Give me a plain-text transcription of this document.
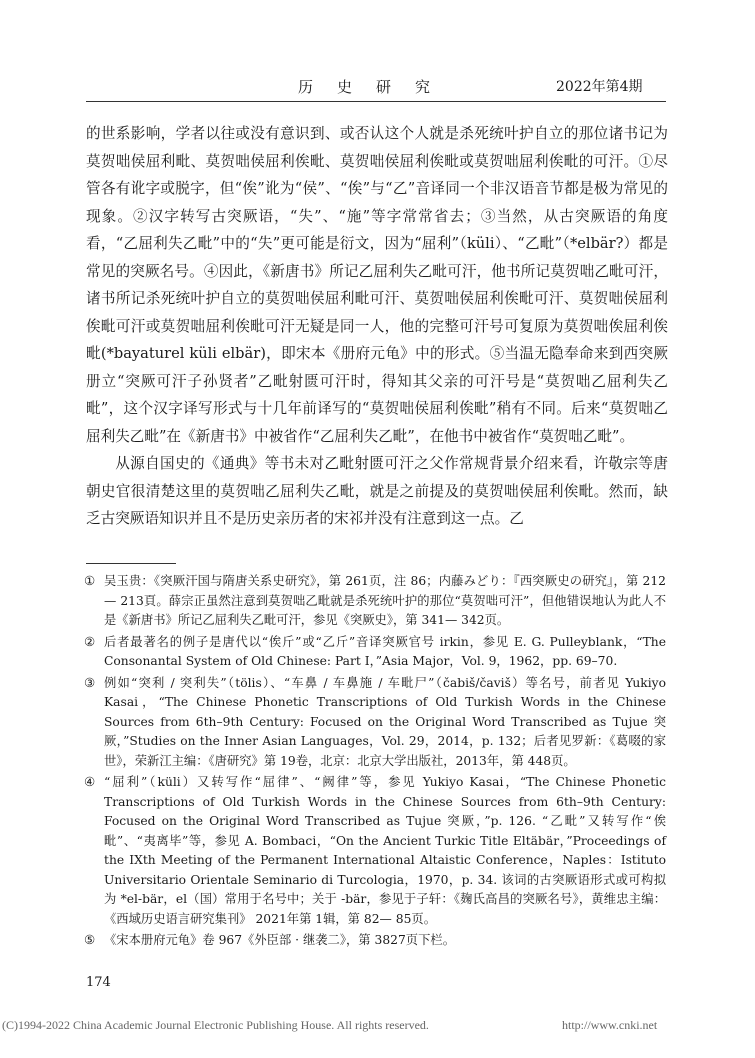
历史研究	2022年第4期

的世系影响，学者以往或没有意识到、或否认这个人就是杀死统叶护自立的那位诸书记为莫贺咄侯屈利毗、莫贺咄侯屈利俟毗、莫贺咄侯屈利俟毗或莫贺咄屈利俟毗的可汗。①尽管各有讹字或脱字，但“俟”讹为“侯”、“俟”与“乙”音译同一个非汉语音节都是极为常见的现象。②汉字转写古突厥语，“失”、“施”等字常常省去；③当然，从古突厥语的角度看，“乙屈利失乙毗”中的“失”更可能是衍文，因为“屈利”（küli）、“乙毗”（*elbär?）都是常见的突厥名号。④因此，《新唐书》所记乙屈利失乙毗可汗，他书所记莫贺咄乙毗可汗，诸书所记杀死统叶护自立的莫贺咄侯屈利毗可汗、莫贺咄侯屈利俟毗可汗、莫贺咄侯屈利俟毗可汗或莫贺咄屈利俟毗可汗无疑是同一人，他的完整可汗号可复原为莫贺咄俟屈利俟毗(*bayaturel küli elbär)，即宋本《册府元龟》中的形式。⑤当温无隐奉命来到西突厥册立“突厥可汗子孙贤者”乙毗射匮可汗时，得知其父亲的可汗号是“莫贺咄乙屈利失乙毗”，这个汉字译写形式与十几年前译写的“莫贺咄侯屈利俟毗”稍有不同。后来“莫贺咄乙屈利失乙毗”在《新唐书》中被省作“乙屈利失乙毗”，在他书中被省作“莫贺咄乙毗”。

从源自国史的《通典》等书未对乙毗射匮可汗之父作常规背景介绍来看，许敬宗等唐朝史官很清楚这里的莫贺咄乙屈利失乙毗，就是之前提及的莫贺咄侯屈利俟毗。然而，缺乏古突厥语知识并且不是历史亲历者的宋祁并没有注意到这一点。乙

① 吴玉贵：《突厥汗国与隋唐关系史研究》，第 261页，注 86；内藤みどり：『西突厥史の研究』，第 212— 213頁。薛宗正虽然注意到莫贺咄乙毗就是杀死统叶护的那位“莫贺咄可汗”，但他错误地认为此人不是《新唐书》所记乙屈利失乙毗可汗，参见《突厥史》，第 341— 342页。
② 后者最著名的例子是唐代以“俟斤”或“乙斤”音译突厥官号 irkin，参见 E. G. Pulleyblank，“The Consonantal System of Old Chinese: Part I，”Asia Major，Vol. 9，1962，pp. 69–70.
③ 例如“突利 / 突利失”（tölis）、“车鼻 / 车鼻施 / 车毗尸”（čabiš/čaviš）等名号，前者见 Yukiyo Kasai，“The Chinese Phonetic Transcriptions of Old Turkish Words in the Chinese Sources from 6th–9th Century: Focused on the Original Word Transcribed as Tujue 突厥，”Studies on the Inner Asian Languages，Vol. 29，2014，p. 132；后者见罗新：《葛啜的家世》，荣新江主编：《唐研究》第 19卷，北京：北京大学出版社，2013年，第 448页。
④ “屈利”（küli）又转写作“屈律”、“阙律”等，参见 Yukiyo Kasai，“The Chinese Phonetic Transcriptions of Old Turkish Words in the Chinese Sources from 6th–9th Century: Focused on the Original Word Transcribed as Tujue 突厥，”p. 126. “乙毗”又转写作“俟毗”、“夷离毕”等，参见 A. Bombaci，“On the Ancient Turkic Title Eltäbär，”Proceedings of the IXth Meeting of the Permanent International Altaistic Conference，Naples：Istituto Universitario Orientale Seminario di Turcologia，1970，p. 34. 该词的古突厥语形式或可构拟为 *el-bär，el（国）常用于名号中；关于 -bär，参见于子轩：《麹氏高昌的突厥名号》，黄维忠主编：《西域历史语言研究集刊》 2021年第 1辑，第 82— 85页。
⑤ 《宋本册府元龟》卷 967《外臣部 · 继袭二》，第 3827页下栏。
174
(C)1994-2022 China Academic Journal Electronic Publishing House. All rights reserved.	http://www.cnki.net
